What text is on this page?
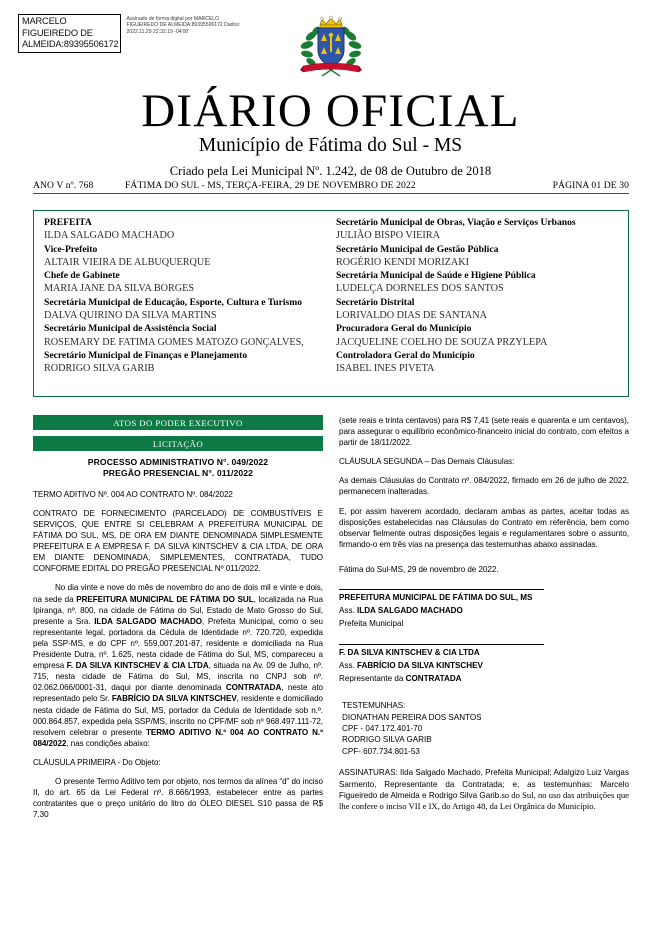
MARCELO FIGUEIREDO DE ALMEIDA:89395506172
Assinado de forma digital por MARCELO FIGUEIREDO DE ALMEIDA:89395506172 Dados: 2022.11.29 22:32:19 -04'00'
DIÁRIO OFICIAL
Município de Fátima do Sul - MS
Criado pela Lei Municipal Nº. 1.242, de 08 de Outubro de 2018
ANO V nº. 768	FÁTIMA DO SUL - MS, TERÇA-FEIRA, 29 DE NOVEMBRO DE 2022	PÁGINA 01 DE 30
PREFEITA
ILDA SALGADO MACHADO
Vice-Prefeito
ALTAIR VIEIRA DE ALBUQUERQUE
Chefe de Gabinete
MARIA JANE DA SILVA BORGES
Secretária Municipal de Educação, Esporte, Cultura e Turismo
DALVA QUIRINO DA SILVA MARTINS
Secretário Municipal de Assistência Social
ROSEMARY DE FATIMA GOMES MATOZO GONÇALVES,
Secretário Municipal de Finanças e Planejamento
RODRIGO SILVA GARIB
Secretário Municipal de Obras, Viação e Serviços Urbanos
JULIÃO BISPO VIEIRA
Secretário Municipal de Gestão Pública
ROGÉRIO KENDI MORIZAKI
Secretária Municipal de Saúde e Higiene Pública
LUDELÇA DORNELES DOS SANTOS
Secretário Distrital
LORIVALDO DIAS DE SANTANA
Procuradora Geral do Município
JACQUELINE COELHO DE SOUZA PRZYLEPA
Controladora Geral do Município
ISABEL INES PIVETA
ATOS DO PODER EXECUTIVO
LICITAÇÃO

PROCESSO ADMINISTRATIVO N°. 049/2022
PREGÃO PRESENCIAL N°. 011/2022

TERMO ADITIVO Nº. 004 AO CONTRATO Nº. 084/2022

CONTRATO DE FORNECIMENTO (PARCELADO) DE COMBUSTÍVEIS E SERVIÇOS, QUE ENTRE SI CELEBRAM A PREFEITURA MUNICIPAL DE FÁTIMA DO SUL, MS, DE ORA EM DIANTE DENOMINADA SIMPLESMENTE PREFEITURA E A EMPRESA F. DA SILVA KINTSCHEV & CIA LTDA, DE ORA EM DIANTE DENOMINADA, SIMPLEMENTES, CONTRATADA, TUDO CONFORME EDITAL DO PREGÃO PRESENCIAL Nº 011/2022.

No dia vinte e nove do mês de novembro do ano de dois mil e vinte e dois, na sede da PREFEITURA MUNICIPAL DE FÁTIMA DO SUL, localizada na Rua Ipiranga, nº. 800, na cidade de Fátima do Sul, Estado de Mato Grosso do Sul, presente a Sra. ILDA SALGADO MACHADO, Prefeita Municipal, como o seu representante legal, portadora da Cédula de Identidade nº. 720.720, expedida pela SSP-MS, e do CPF nº. 559.007.201-87, residente e domiciliada na Rua Presidente Dutra, nº. 1.625, nesta cidade de Fátima do Sul, MS, compareceu a empresa F. DA SILVA KINTSCHEV & CIA LTDA, situada na Av. 09 de Julho, nº. 715, nesta cidade de Fátima do Sul, MS, inscrita no CNPJ sob nº. 02.062.066/0001-31, daqui por diante denominada CONTRATADA, neste ato representado pelo Sr. FABRÍCIO DA SILVA KINTSCHEV, residente e domiciliado nesta cidade de Fátima do Sul, MS, portador da Cédula de Identidade sob n.º. 000.864.857, expedida pela SSP/MS, inscrito no CPF/MF sob nº 968.497.111-72, resolvem celebrar o presente TERMO ADITIVO N.º 004 AO CONTRATO N.º 084/2022, nas condições abaixo:

CLÁUSULA PRIMEIRA - Do Objeto:

O presente Termo Aditivo tem por objeto, nos termos da alínea “d” do inciso II, do art. 65 da Lei Federal nº. 8.666/1993, estabelecer entre as partes contratantes que o preço unitário do litro do ÓLEO DIESEL S10 passa de R$ 7,30

(sete reais e trinta centavos) para R$ 7,41 (sete reais e quarenta e um centavos), para assegurar o equilíbrio econômico-financeiro inicial do contrato, com efeitos a partir de 18/11/2022.

CLÁUSULA SEGUNDA – Das Demais Cláusulas:

As demais Cláusulas do Contrato nº. 084/2022, firmado em 26 de julho de 2022, permanecem inalteradas.

E, por assim haverem acordado, declaram ambas as partes, aceitar todas as disposições estabelecidas nas Cláusulas do Contrato em referência, bem como observar fielmente outras disposições legais e regulamentares sobre o assunto, firmando-o em três vias na presença das testemunhas abaixo assinadas.

Fátima do Sul-MS, 29 de novembro de 2022.

PREFEITURA MUNICIPAL DE FÁTIMA DO SUL, MS

Ass. ILDA SALGADO MACHADO

Prefeita Municipal

F. DA SILVA KINTSCHEV & CIA LTDA

Ass. FABRÍCIO DA SILVA KINTSCHEV

Representante da CONTRATADA

TESTEMUNHAS:

DIONATHAN PEREIRA DOS SANTOS

CPF - 047.172.401-70

RODRIGO SILVA GARIB

CPF- 607.734.801-53

ASSINATURAS: Ilda Salgado Machado, Prefeita Municipal; Adalgizo Luiz Vargas Sarmento, Representante da Contratada; e, as testemunhas: Marcelo Figueiredo de Almeida e Rodrigo Silva Garib.so do Sul, no uso das atribuições que lhe confere o inciso VII e IX, do Artigo 48, da Lei Orgânica do Município.
